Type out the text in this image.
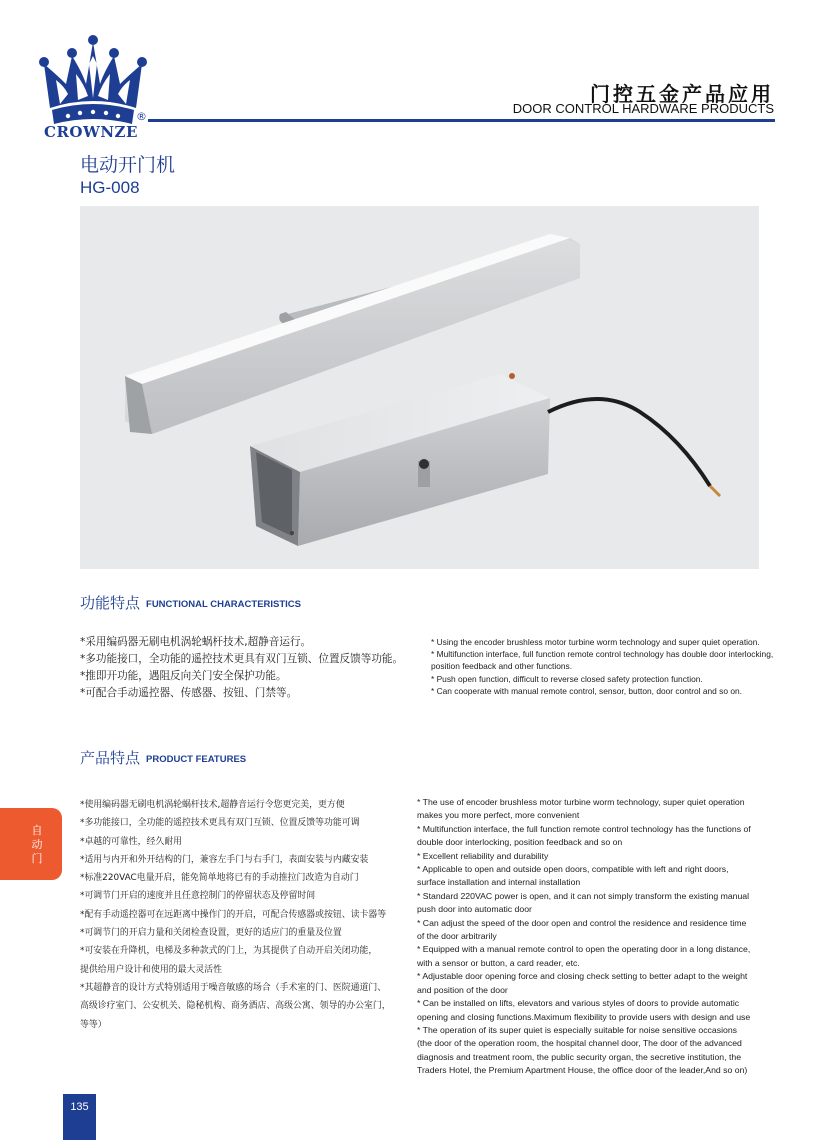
CROWNZE
®
门控五金产品应用
DOOR CONTROL HARDWARE PRODUCTS
电动开门机
HG-008
功能特点 FUNCTIONAL CHARACTERISTICS
*采用编码器无刷电机涡轮蜗杆技术,超静音运行。
*多功能接口，全功能的遥控技术更具有双门互锁、位置反馈等功能。
*推即开功能，遇阻反向关门安全保护功能。
*可配合手动遥控器、传感器、按钮、门禁等。
* Using the encoder brushless motor turbine worm technology and super quiet operation.
* Multifunction interface, full function remote control technology has double door interlocking,
position feedback and other functions.
* Push open function, difficult to reverse closed safety protection function.
* Can cooperate with manual remote control, sensor, button, door control and so on.
产品特点 PRODUCT FEATURES
*使用编码器无刷电机涡轮蜗杆技术,超静音运行令您更完美，更方便
*多功能接口，全功能的遥控技术更具有双门互锁、位置反馈等功能可调
*卓越的可靠性，经久耐用
*适用与内开和外开结构的门，兼容左手门与右手门，表面安装与内藏安装
*标准220VAC电量开启，能免简单地将已有的手动推拉门改造为自动门
*可调节门开启的速度并且任意控制门的停留状态及停留时间
*配有手动遥控器可在远距离中操作门的开启，可配合传感器或按钮、读卡器等
*可调节门的开启力量和关闭检查设置，更好的适应门的重量及位置
*可安装在升降机，电梯及多种款式的门上，为其提供了自动开启关闭功能，
提供给用户设计和使用的最大灵活性
*其超静音的设计方式特别适用于噪音敏感的场合（手术室的门、医院通道门、
高级诊疗室门、公安机关、隐秘机构、商务酒店、高级公寓、领导的办公室门，
等等）
* The use of encoder brushless motor turbine worm technology, super quiet operation
makes you more perfect, more convenient
* Multifunction interface, the full function remote control technology has the functions of
double door interlocking, position feedback and so on
* Excellent reliability and durability
* Applicable to open and outside open doors, compatible with left and right doors,
surface installation and internal installation
* Standard 220VAC power is open, and it can not simply transform the existing manual
push door into automatic door
* Can adjust the speed of the door open and control the residence and residence time
of the door arbitrarily
* Equipped with a manual remote control to open the operating door in a long distance,
with a sensor or button, a card reader, etc.
* Adjustable door opening force and closing check setting to better adapt to the weight
and position of the door
* Can be installed on lifts, elevators and various styles of doors to provide automatic
opening and closing functions.Maximum flexibility to provide users with design and use
* The operation of its super quiet is especially suitable for noise sensitive occasions
(the door of the operation room, the hospital channel door, The door of the advanced
diagnosis and treatment room, the public security organ, the secretive institution, the
Traders Hotel, the Premium Apartment House, the office door of the leader,And so on)
自动门
135
